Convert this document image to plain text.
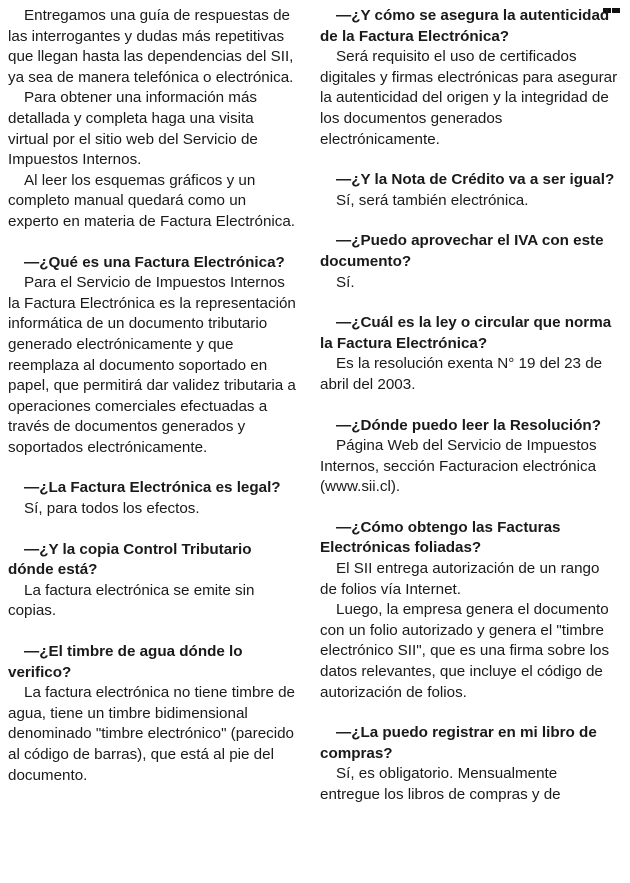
Entregamos una guía de respuestas de las interrogantes y dudas más repetitivas que llegan hasta las dependencias del SII, ya sea de manera telefónica o electrónica.

Para obtener una información más detallada y completa haga una visita virtual por el sitio web del Servicio de Impuestos Internos.

Al leer los esquemas gráficos y un completo manual quedará como un experto en materia de Factura Electrónica.

—¿Qué es una Factura Electrónica?

Para el Servicio de Impuestos Internos la Factura Electrónica es la representación informática de un documento tributario generado electrónicamente y que reemplaza al documento soportado en papel, que permitirá dar validez tributaria a operaciones comerciales efectuadas a través de documentos generados y soportados electrónicamente.

—¿La Factura Electrónica es legal?

Sí, para todos los efectos.

—¿Y la copia Control Tributario dónde está?

La factura electrónica se emite sin copias.

—¿El timbre de agua dónde lo verifico?

La factura electrónica no tiene timbre de agua, tiene un timbre bidimensional denominado "timbre electrónico" (parecido al código de barras), que está al pie del documento.

—¿Y cómo se asegura la autenticidad de la Factura Electrónica?

Será requisito el uso de certificados digitales y firmas electrónicas para asegurar la autenticidad del origen y la integridad de los documentos generados electrónicamente.

—¿Y la Nota de Crédito va a ser igual?

Sí, será también electrónica.

—¿Puedo aprovechar el IVA con este documento?

Sí.

—¿Cuál es la ley o circular que norma la Factura Electrónica?

Es la resolución exenta N° 19 del 23 de abril del 2003.

—¿Dónde puedo leer la Resolución?

Página Web del Servicio de Impuestos Internos, sección Facturacion electrónica (www.sii.cl).

—¿Cómo obtengo las Facturas Electrónicas foliadas?

El SII entrega autorización de un rango de folios vía Internet.

Luego, la empresa genera el documento con un folio autorizado y genera el "timbre electrónico SII", que es una firma sobre los datos relevantes, que incluye el código de autorización de folios.

—¿La puedo registrar en mi libro de compras?

Sí, es obligatorio. Mensualmente entregue los libros de compras y de
